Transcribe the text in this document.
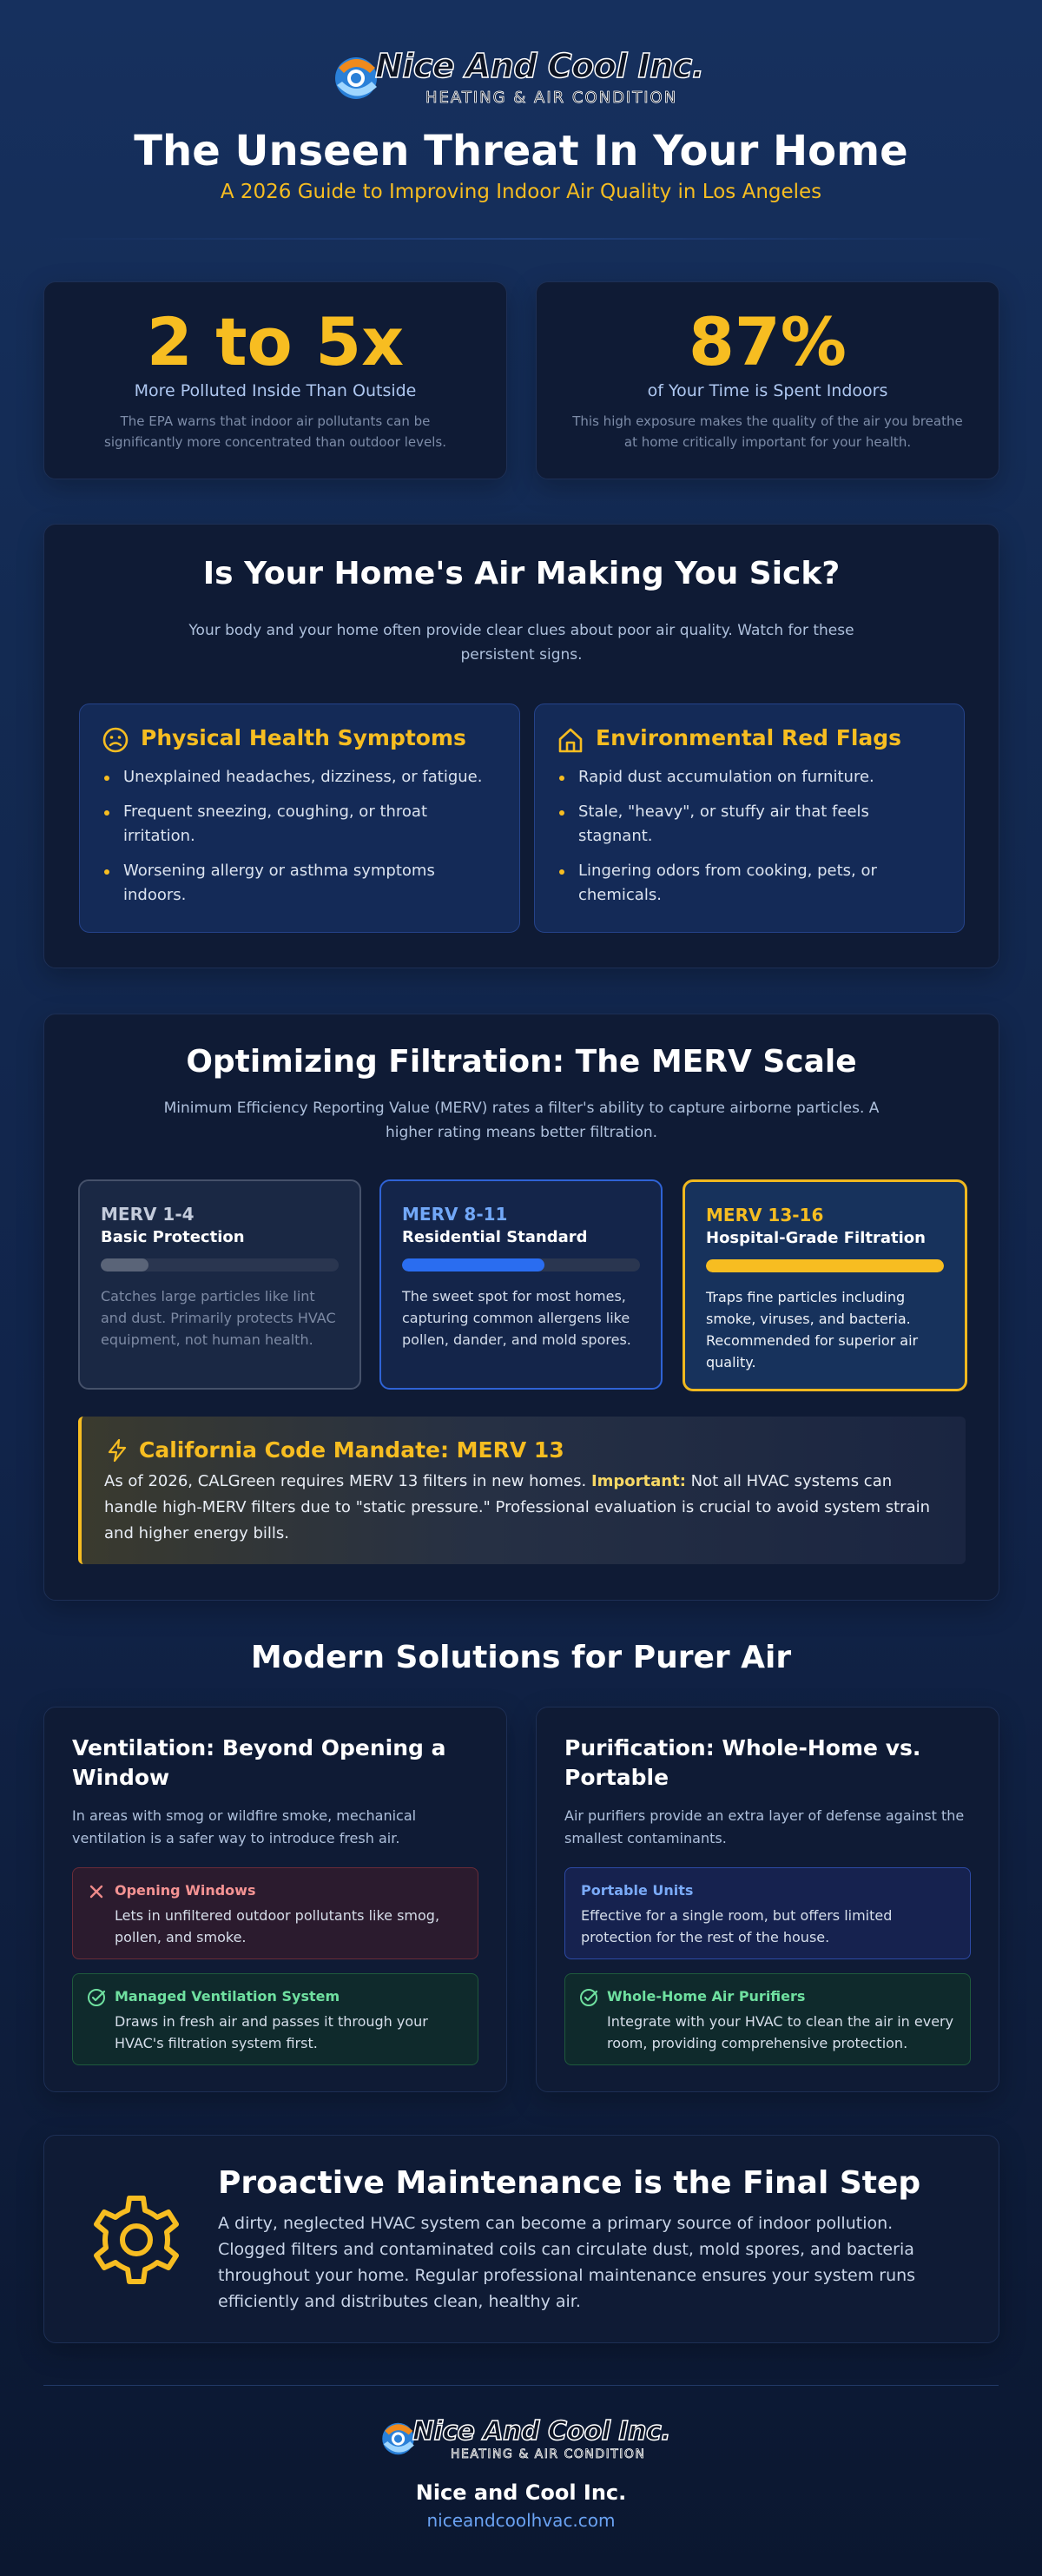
Nice And Cool Inc.
HEATING & AIR CONDITION
The Unseen Threat In Your Home
A 2026 Guide to Improving Indoor Air Quality in Los Angeles
2 to 5x
More Polluted Inside Than Outside
The EPA warns that indoor air pollutants can be significantly more concentrated than outdoor levels.
87%
of Your Time is Spent Indoors
This high exposure makes the quality of the air you breathe at home critically important for your health.
Is Your Home's Air Making You Sick?
Your body and your home often provide clear clues about poor air quality. Watch for these persistent signs.
Physical Health Symptoms
Unexplained headaches, dizziness, or fatigue.
Frequent sneezing, coughing, or throat irritation.
Worsening allergy or asthma symptoms indoors.
Environmental Red Flags
Rapid dust accumulation on furniture.
Stale, "heavy", or stuffy air that feels stagnant.
Lingering odors from cooking, pets, or chemicals.
Optimizing Filtration: The MERV Scale
Minimum Efficiency Reporting Value (MERV) rates a filter's ability to capture airborne particles. A higher rating means better filtration.
MERV 1-4
Basic Protection
Catches large particles like lint and dust. Primarily protects HVAC equipment, not human health.
MERV 8-11
Residential Standard
The sweet spot for most homes, capturing common allergens like pollen, dander, and mold spores.
MERV 13-16
Hospital-Grade Filtration
Traps fine particles including smoke, viruses, and bacteria. Recommended for superior air quality.
California Code Mandate: MERV 13
As of 2026, CALGreen requires MERV 13 filters in new homes. Important: Not all HVAC systems can handle high-MERV filters due to "static pressure." Professional evaluation is crucial to avoid system strain and higher energy bills.
Modern Solutions for Purer Air
Ventilation: Beyond Opening a Window
In areas with smog or wildfire smoke, mechanical ventilation is a safer way to introduce fresh air.
Opening Windows
Lets in unfiltered outdoor pollutants like smog, pollen, and smoke.
Managed Ventilation System
Draws in fresh air and passes it through your HVAC's filtration system first.
Purification: Whole-Home vs. Portable
Air purifiers provide an extra layer of defense against the smallest contaminants.
Portable Units
Effective for a single room, but offers limited protection for the rest of the house.
Whole-Home Air Purifiers
Integrate with your HVAC to clean the air in every room, providing comprehensive protection.
Proactive Maintenance is the Final Step
A dirty, neglected HVAC system can become a primary source of indoor pollution. Clogged filters and contaminated coils can circulate dust, mold spores, and bacteria throughout your home. Regular professional maintenance ensures your system runs efficiently and distributes clean, healthy air.
Nice And Cool Inc.
HEATING & AIR CONDITION
Nice and Cool Inc.
niceandcoolhvac.com
